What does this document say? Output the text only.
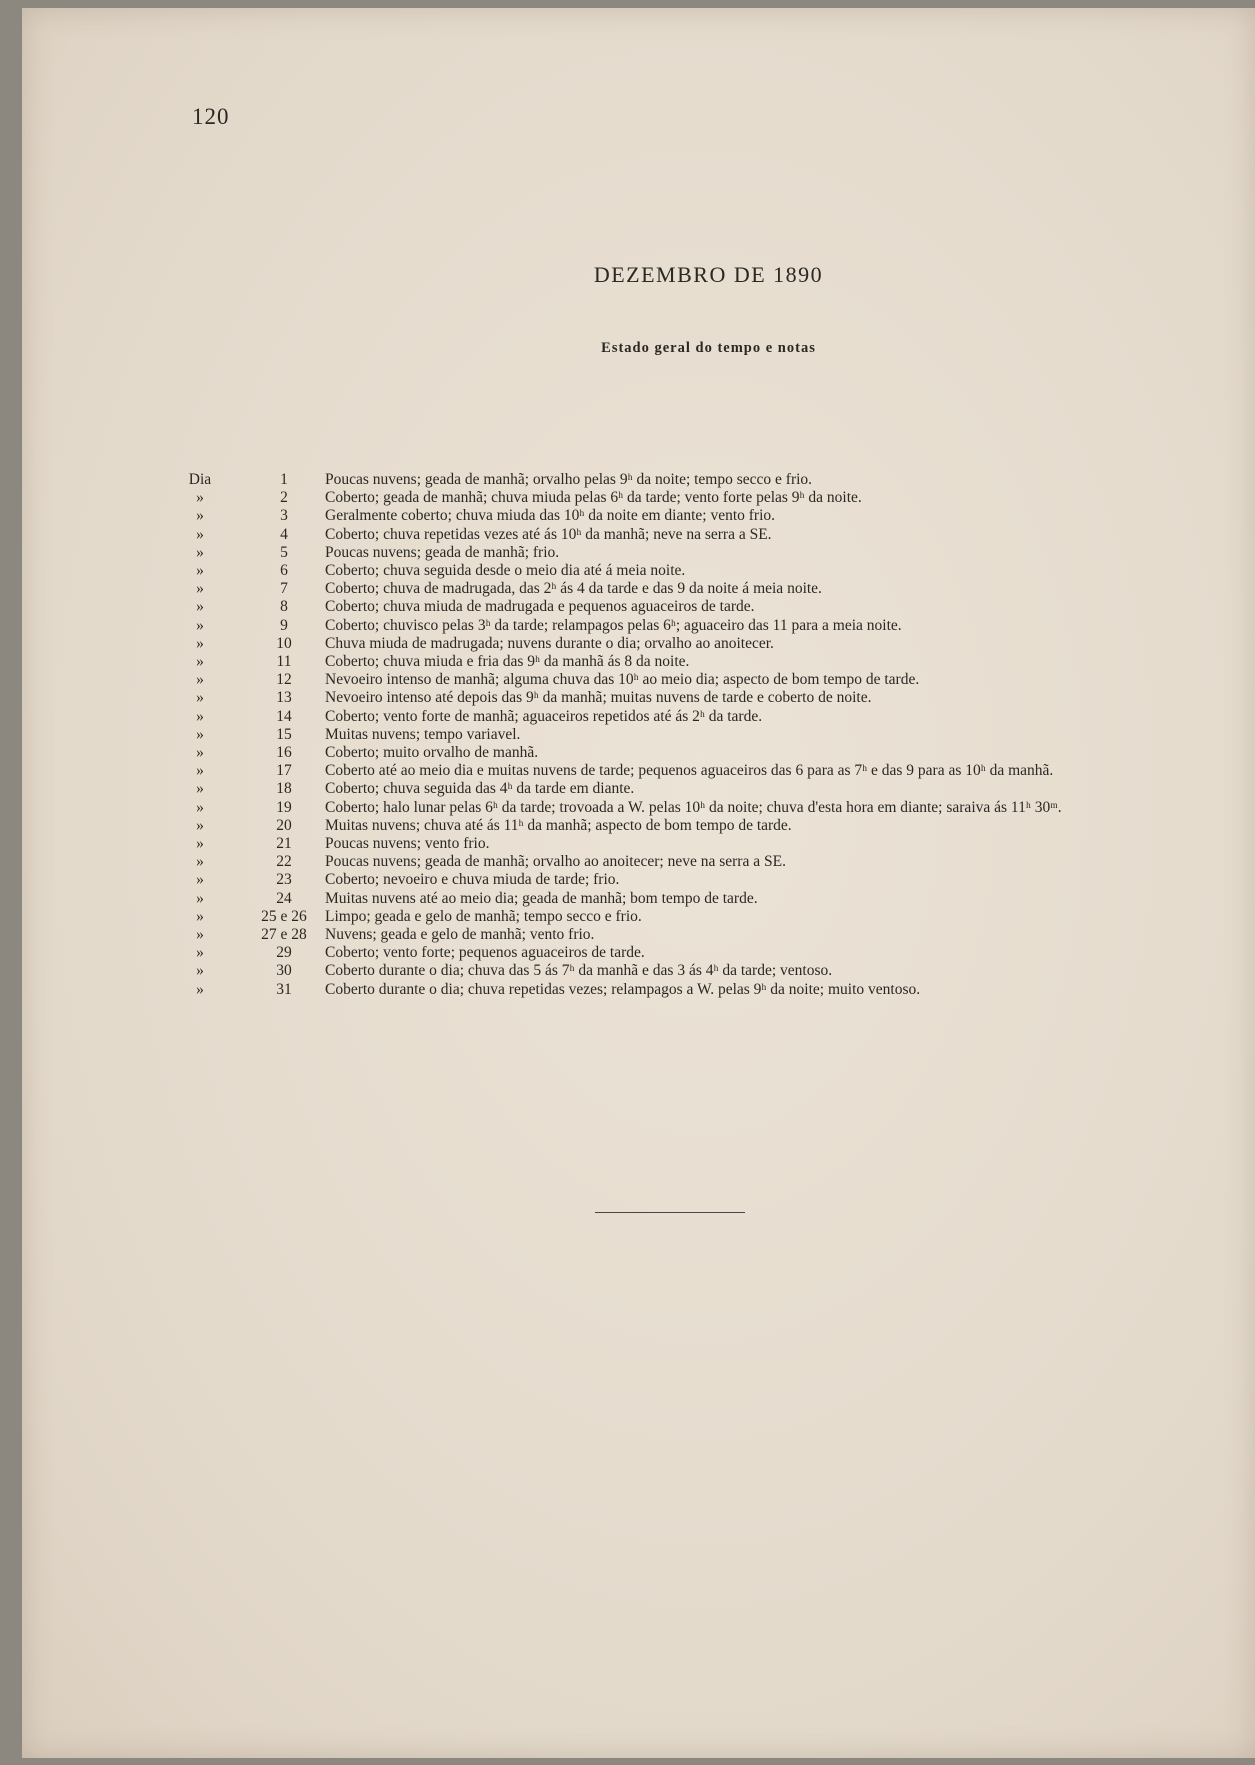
120
DEZEMBRO DE 1890
Estado geral do tempo e notas
Dia	1	Poucas nuvens; geada de manhã; orvalho pelas 9ʰ da noite; tempo secco e frio.
»	2	Coberto; geada de manhã; chuva miuda pelas 6ʰ da tarde; vento forte pelas 9ʰ da noite.
»	3	Geralmente coberto; chuva miuda das 10ʰ da noite em diante; vento frio.
»	4	Coberto; chuva repetidas vezes até ás 10ʰ da manhã; neve na serra a SE.
»	5	Poucas nuvens; geada de manhã; frio.
»	6	Coberto; chuva seguida desde o meio dia até á meia noite.
»	7	Coberto; chuva de madrugada, das 2ʰ ás 4 da tarde e das 9 da noite á meia noite.
»	8	Coberto; chuva miuda de madrugada e pequenos aguaceiros de tarde.
»	9	Coberto; chuvisco pelas 3ʰ da tarde; relampagos pelas 6ʰ; aguaceiro das 11 para a meia noite.
»	10	Chuva miuda de madrugada; nuvens durante o dia; orvalho ao anoitecer.
»	11	Coberto; chuva miuda e fria das 9ʰ da manhã ás 8 da noite.
»	12	Nevoeiro intenso de manhã; alguma chuva das 10ʰ ao meio dia; aspecto de bom tempo de tarde.
»	13	Nevoeiro intenso até depois das 9ʰ da manhã; muitas nuvens de tarde e coberto de noite.
»	14	Coberto; vento forte de manhã; aguaceiros repetidos até ás 2ʰ da tarde.
»	15	Muitas nuvens; tempo variavel.
»	16	Coberto; muito orvalho de manhã.
»	17	Coberto até ao meio dia e muitas nuvens de tarde; pequenos aguaceiros das 6 para as 7ʰ e das 9 para as 10ʰ da manhã.
»	18	Coberto; chuva seguida das 4ʰ da tarde em diante.
»	19	Coberto; halo lunar pelas 6ʰ da tarde; trovoada a W. pelas 10ʰ da noite; chuva d'esta hora em diante; saraiva ás 11ʰ 30ᵐ.
»	20	Muitas nuvens; chuva até ás 11ʰ da manhã; aspecto de bom tempo de tarde.
»	21	Poucas nuvens; vento frio.
»	22	Poucas nuvens; geada de manhã; orvalho ao anoitecer; neve na serra a SE.
»	23	Coberto; nevoeiro e chuva miuda de tarde; frio.
»	24	Muitas nuvens até ao meio dia; geada de manhã; bom tempo de tarde.
»	25 e 26	Limpo; geada e gelo de manhã; tempo secco e frio.
»	27 e 28	Nuvens; geada e gelo de manhã; vento frio.
»	29	Coberto; vento forte; pequenos aguaceiros de tarde.
»	30	Coberto durante o dia; chuva das 5 ás 7ʰ da manhã e das 3 ás 4ʰ da tarde; ventoso.
»	31	Coberto durante o dia; chuva repetidas vezes; relampagos a W. pelas 9ʰ da noite; muito ventoso.
